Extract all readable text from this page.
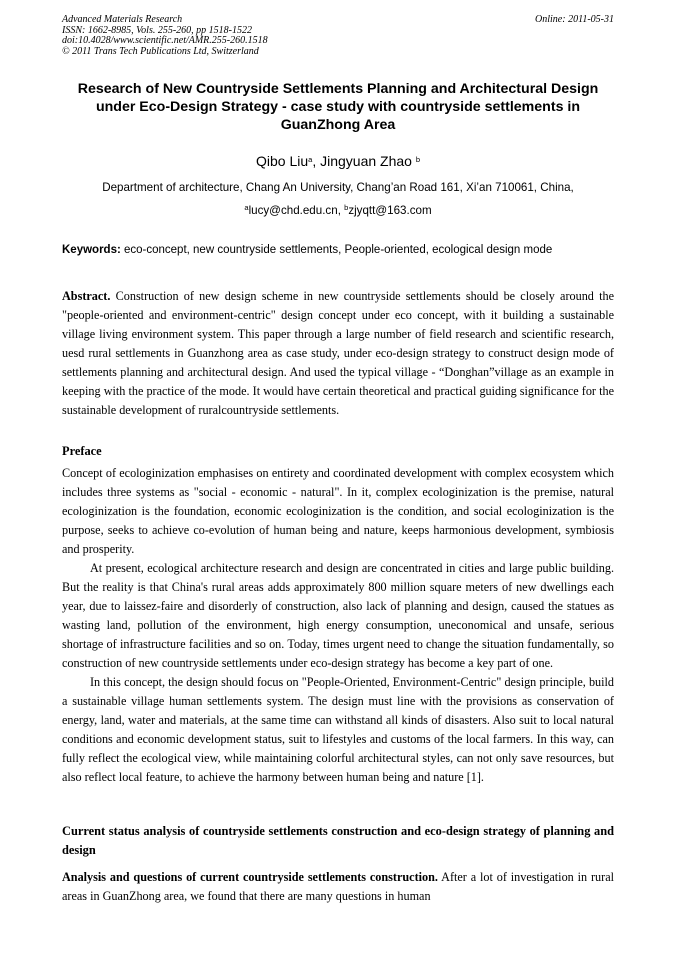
Advanced Materials Research
ISSN: 1662-8985, Vols. 255-260, pp 1518-1522
doi:10.4028/www.scientific.net/AMR.255-260.1518
© 2011 Trans Tech Publications Ltd, Switzerland
Online: 2011-05-31
Research of New Countryside Settlements Planning and Architectural Design under Eco-Design Strategy - case study with countryside settlements in GuanZhong Area
Qibo Liu$^a$, Jingyuan Zhao $^b$
Department of architecture, Chang An University, Chang’an Road 161, Xi’an 710061, China,
$^a$lucy@chd.edu.cn, $^b$zjyqtt@163.com
Keywords: eco-concept, new countryside settlements, People-oriented, ecological design mode
Abstract. Construction of new design scheme in new countryside settlements should be closely around the "people-oriented and environment-centric" design concept under eco concept, with it building a sustainable village living environment system. This paper through a large number of field research and scientific research, uesd rural settlements in Guanzhong area as case study, under eco-design strategy to construct design mode of settlements planning and architectural design. And used the typical village - “Donghan”village as an example in keeping with the practice of the mode. It would have certain theoretical and practical guiding significance for the sustainable development of ruralcountryside settlements.
Preface

Concept of ecologinization emphasises on entirety and coordinated development with complex ecosystem which includes three systems as "social - economic - natural". In it, complex ecologinization is the premise, natural ecologinization is the foundation, economic ecologinization is the condition, and social ecologinization is the purpose, seeks to achieve co-evolution of human being and nature, keeps harmonious development, symbiosis and prosperity.

At present, ecological architecture research and design are concentrated in cities and large public building. But the reality is that China's rural areas adds approximately 800 million square meters of new dwellings each year, due to laissez-faire and disorderly of construction, also lack of planning and design, caused the statues as wasting land, pollution of the environment, high energy consumption, uneconomical and unsafe, serious shortage of infrastructure facilities and so on. Today, times urgent need to change the situation fundamentally, so construction of new countryside settlements under eco-design strategy has become a key part of one.

In this concept, the design should focus on "People-Oriented, Environment-Centric" design principle, build a sustainable village human settlements system. The design must line with the provisions as conservation of energy, land, water and materials, at the same time can withstand all kinds of disasters. Also suit to local natural conditions and economic development status, suit to lifestyles and customs of the local farmers. In this way, can fully reflect the ecological view, while maintaining colorful architectural styles, can not only save resources, but also reflect local feature, to achieve the harmony between human being and nature [1].

Current status analysis of countryside settlements construction and eco-design strategy of planning and design
Analysis and questions of current countryside settlements construction. After a lot of investigation in rural areas in GuanZhong area, we found that there are many questions in human
